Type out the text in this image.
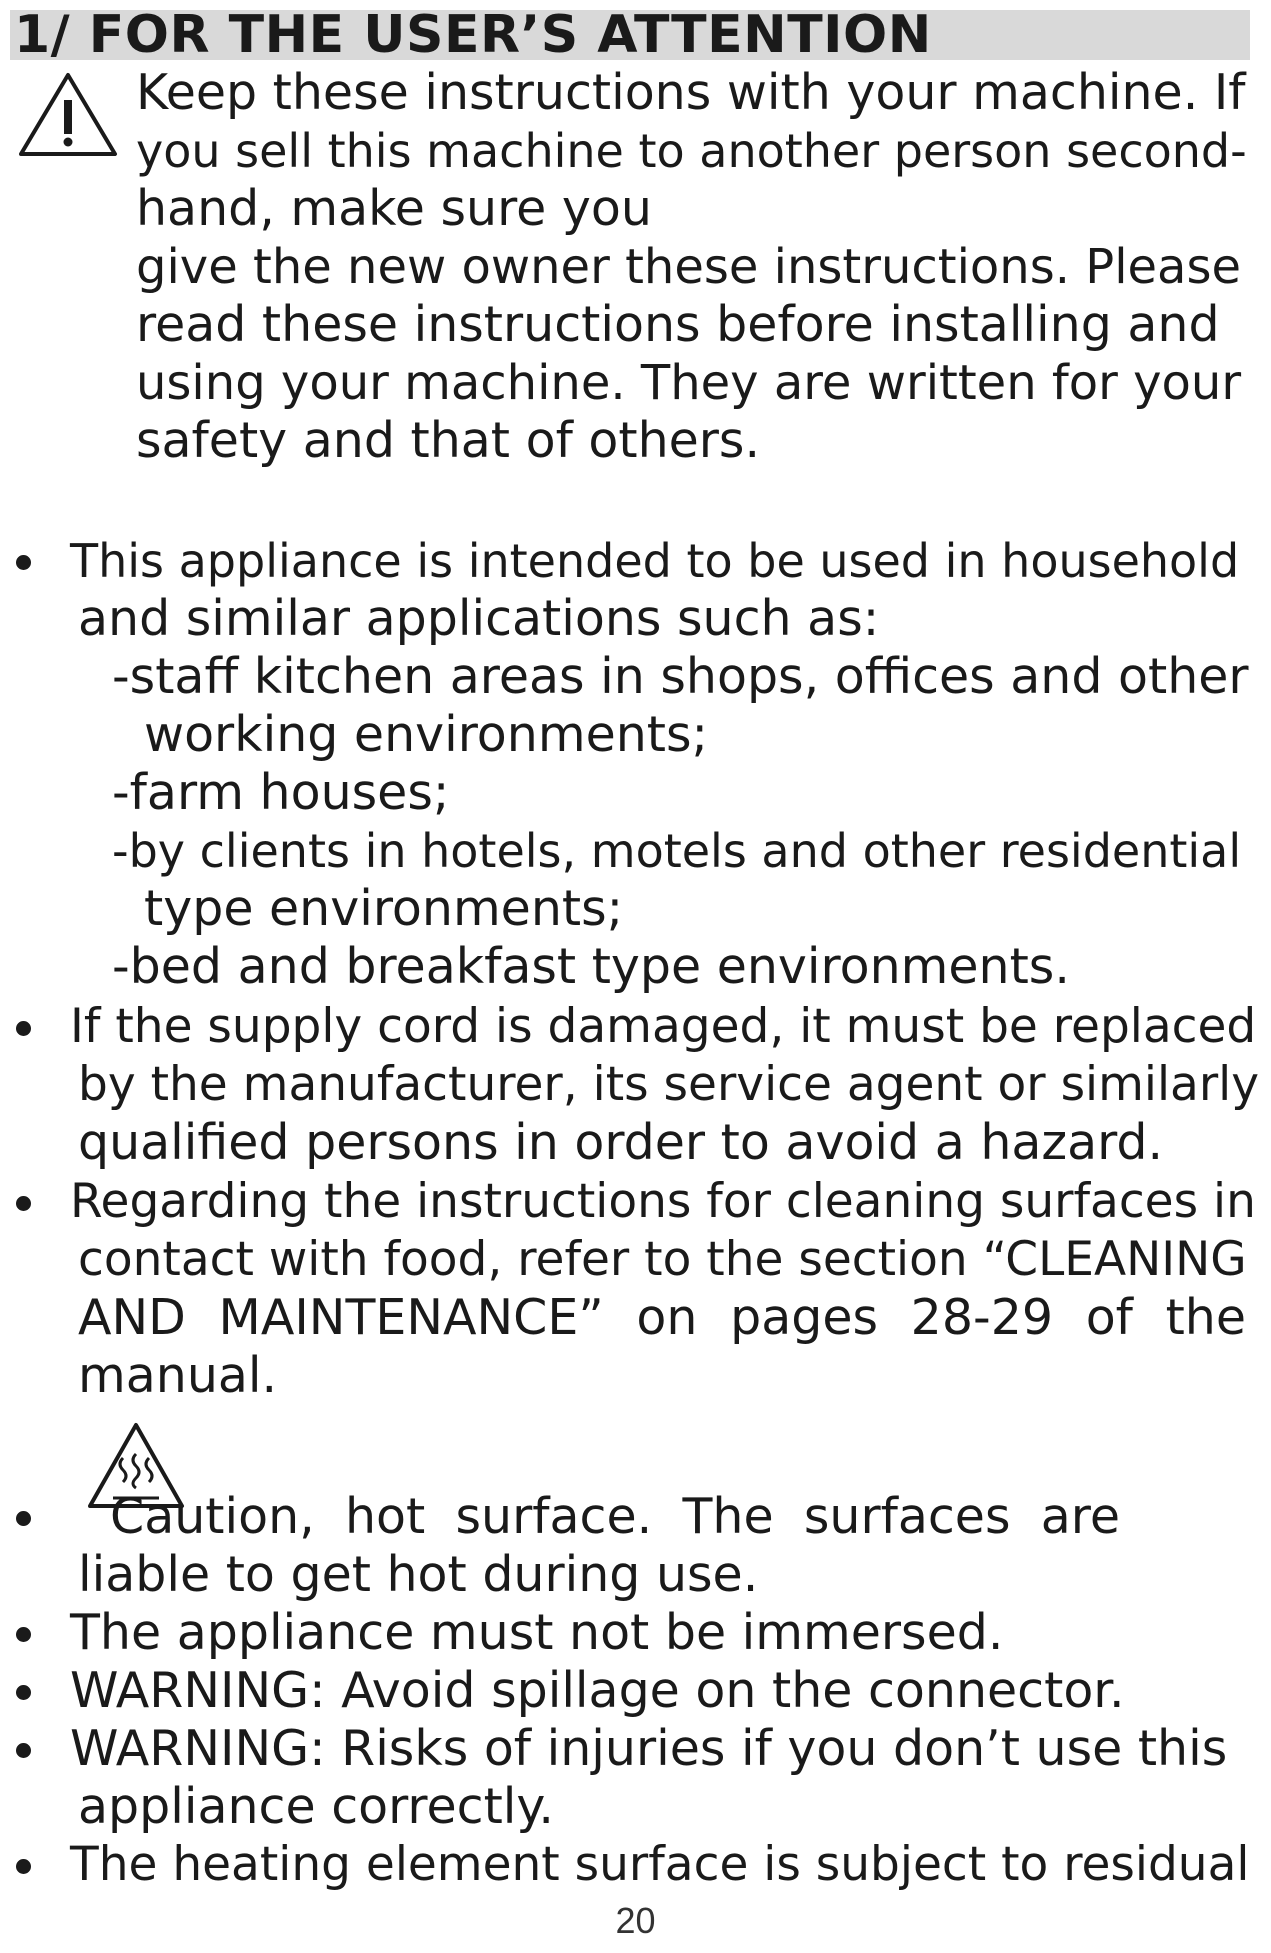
1/ FOR THE USER’S ATTENTION
Keep these instructions with your machine. If
you sell this machine to another person second-
hand, make sure you
give the new owner these instructions. Please
read these instructions before installing and
using your machine. They are written for your
safety and that of others.
This appliance is intended to be used in household
and similar applications such as:
-staff kitchen areas in shops, offices and other
working environments;
-farm houses;
-by clients in hotels, motels and other residential
type environments;
-bed and breakfast type environments.
If the supply cord is damaged, it must be replaced
by the manufacturer, its service agent or similarly
qualified persons in order to avoid a hazard.
Regarding the instructions for cleaning surfaces in
contact with food, refer to the section “CLEANING
AND MAINTENANCE” on pages 28-29 of the
manual.
Caution, hot surface. The surfaces are
liable to get hot during use.
The appliance must not be immersed.
WARNING: Avoid spillage on the connector.
WARNING: Risks of injuries if you don’t use this
appliance correctly.
The heating element surface is subject to residual
20
